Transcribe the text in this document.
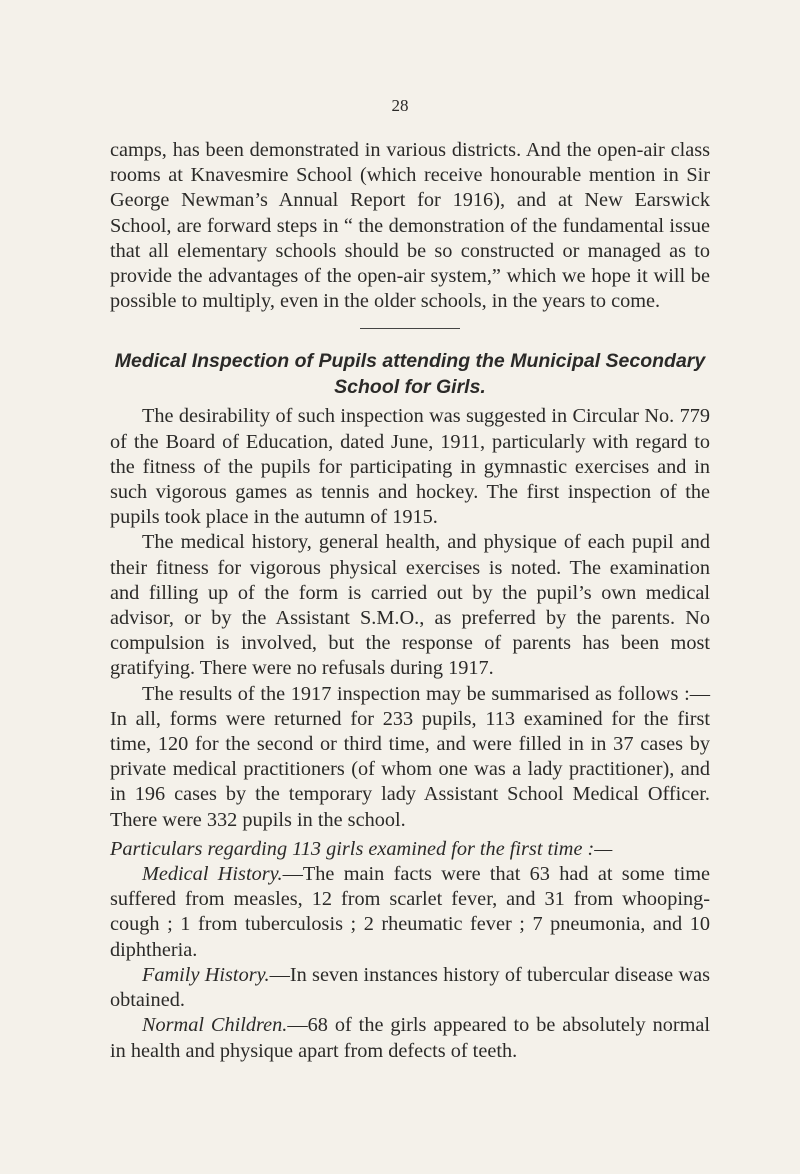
28

camps, has been demonstrated in various districts. And the open-air class rooms at Knavesmire School (which receive honourable mention in Sir George Newman’s Annual Report for 1916), and at New Earswick School, are forward steps in “ the demonstration of the fundamental issue that all elementary schools should be so constructed or managed as to provide the advantages of the open-air system,” which we hope it will be possible to multiply, even in the older schools, in the years to come.

Medical Inspection of Pupils attending the Municipal Secondary
School for Girls.

The desirability of such inspection was suggested in Circular No. 779 of the Board of Education, dated June, 1911, particularly with regard to the fitness of the pupils for participating in gymnastic exercises and in such vigorous games as tennis and hockey. The first inspection of the pupils took place in the autumn of 1915.

The medical history, general health, and physique of each pupil and their fitness for vigorous physical exercises is noted. The examination and filling up of the form is carried out by the pupil’s own medical advisor, or by the Assistant S.M.O., as preferred by the parents. No compulsion is involved, but the response of parents has been most gratifying. There were no refusals during 1917.

The results of the 1917 inspection may be summarised as follows :—In all, forms were returned for 233 pupils, 113 examined for the first time, 120 for the second or third time, and were filled in in 37 cases by private medical practitioners (of whom one was a lady practitioner), and in 196 cases by the temporary lady Assistant School Medical Officer. There were 332 pupils in the school.

Particulars regarding 113 girls examined for the first time :—

Medical History.—The main facts were that 63 had at some time suffered from measles, 12 from scarlet fever, and 31 from whooping-cough ; 1 from tuberculosis ; 2 rheumatic fever ; 7 pneumonia, and 10 diphtheria.

Family History.—In seven instances history of tubercular disease was obtained.

Normal Children.—68 of the girls appeared to be absolutely normal in health and physique apart from defects of teeth.
